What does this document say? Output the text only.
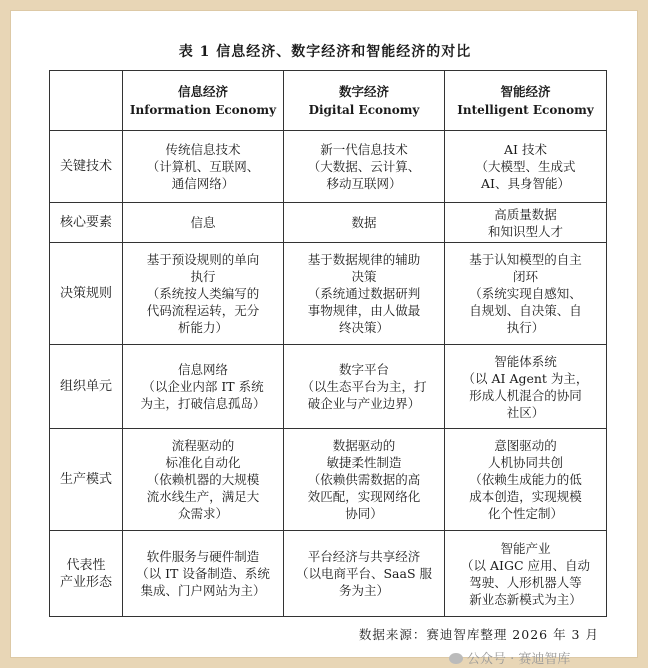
表 1 信息经济、数字经济和智能经济的对比

	信息经济
Information Economy	数字经济
Digital Economy	智能经济
Intelligent Economy

关键技术	传统信息技术
（计算机、互联网、
通信网络）	新一代信息技术
（大数据、云计算、
移动互联网）	AI 技术
（大模型、生成式
AI、具身智能）

核心要素	信息	数据	高质量数据
和知识型人才

决策规则	基于预设规则的单向
执行
（系统按人类编写的
代码流程运转，无分
析能力）	基于数据规律的辅助
决策
（系统通过数据研判
事物规律，由人做最
终决策）	基于认知模型的自主
闭环
（系统实现自感知、
自规划、自决策、自
执行）

组织单元	信息网络
（以企业内部 IT 系统
为主，打破信息孤岛）	数字平台
（以生态平台为主，打
破企业与产业边界）	智能体系统
（以 AI Agent 为主，
形成人机混合的协同
社区）

生产模式	流程驱动的
标准化自动化
（依赖机器的大规模
流水线生产，满足大
众需求）	数据驱动的
敏捷柔性制造
（依赖供需数据的高
效匹配，实现网络化
协同）	意图驱动的
人机协同共创
（依赖生成能力的低
成本创造，实现规模
化个性定制）

代表性
产业形态	软件服务与硬件制造
（以 IT 设备制造、系统
集成、门户网站为主）	平台经济与共享经济
（以电商平台、SaaS 服
务为主）	智能产业
（以 AIGC 应用、自动
驾驶、人形机器人等
新业态新模式为主）
数据来源：赛迪智库整理 2026 年 3 月
公众号 · 赛迪智库
